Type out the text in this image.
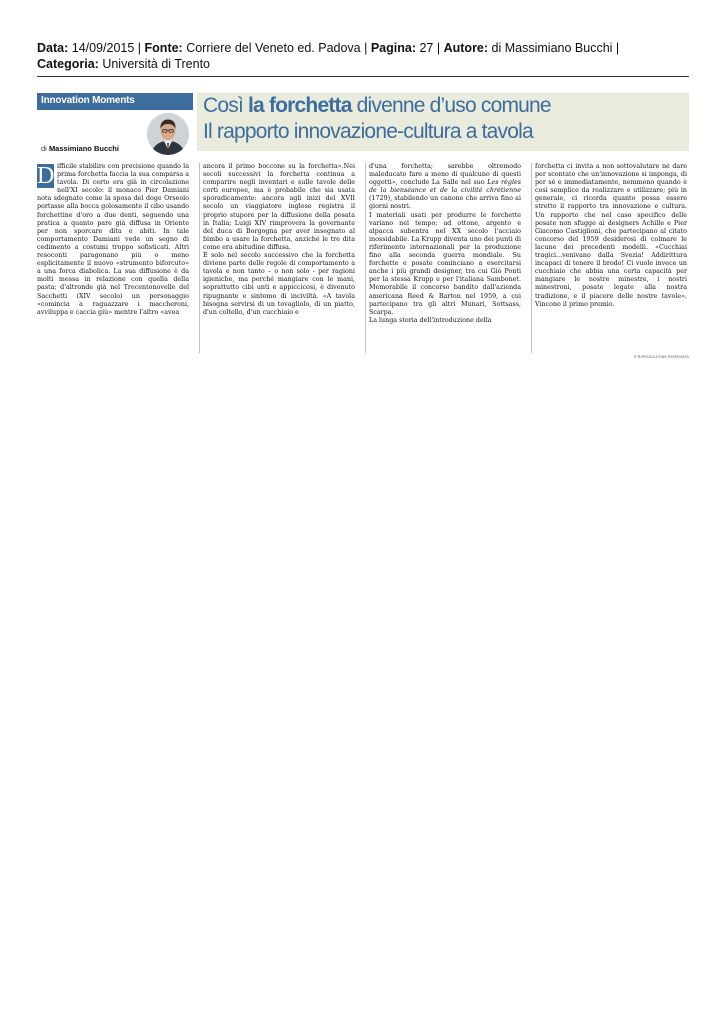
Data: 14/09/2015 | Fonte: Corriere del Veneto ed. Padova | Pagina: 27 | Autore: di Massimiano Bucchi |
Categoria: Università di Trento
Innovation Moments
di Massimiano Bucchi
Così la forchetta divenne d’uso comune
Il rapporto innovazione-cultura a tavola
D ifficile stabilire con precisione quando la prima forchetta faccia la sua comparsa a tavola. Di certo era già in circolazione nell'XI secolo: il monaco Pier Damiani nota sdegnato come la sposa del doge Orseolo portasse alla bocca golosamente il cibo usando forchettine d'oro a due denti, seguendo una pratica a quanto pare già diffusa in Oriente per non sporcare dita e abiti. In tale comportamento Damiani vede un segno di cedimento a costumi troppo sofisticati. Altri resoconti paragonano più o meno esplicitamente il nuovo «strumento biforcuto» a una forca diabolica. La sua diffusione è da molti messa in relazione con quella della pasta; d'altronde già nel Trecentonovelle del Sacchetti (XIV secolo) un personaggio «comincia a raguazzare i maccheroni, avviluppa e caccia giù» mentre l'altro «avea

ancora il primo boccone su la forchetta».Nei secoli successivi la forchetta continua a comparire negli inventari e sulle tavole delle corti europee, ma è probabile che sia usata sporadicamente: ancora agli inizi del XVII secolo un viaggiatore inglese registra il proprio stupore per la diffusione della posata in Italia; Luigi XIV rimprovera la governante del duca di Borgogna per aver insegnato al bimbo a usare la forchetta, anziché le tre dita come era abitudine diffusa.

È solo nel secolo successivo che la forchetta diviene parte delle regole di comportamento a tavola e non tanto – o non solo - per ragioni igieniche, ma perché mangiare con le mani, soprattutto cibi unti e appiccicosi, è divenuto ripugnante e sintomo di inciviltà. «A tavola bisogna servirsi di un tovagliolo, di un piatto, d'un coltello, d'un cucchiaio e

d'una forchetta; sarebbe oltremodo maleducato fare a meno di qualcuno di questi oggetti», conclude La Salle nel suo Les règles de la bienséance et de la civilité chrétienne (1729), stabilendo un canone che arriva fino ai giorni nostri.

I materiali usati per produrre le forchette variano nel tempo; ad ottone, argento e alpacca subentra nel XX secolo l'acciaio inossidabile. La Krupp diventa uno dei punti di riferimento internazionali per la produzione fino alla seconda guerra mondiale. Su forchette e posate cominciano a esercitarsi anche i più grandi designer, tra cui Giò Ponti per la stessa Krupp e per l'italiana Sambonet. Memorabile il concorso bandito dall'azienda americana Reed & Barton nel 1959, a cui partecipano tra gli altri Munari, Sottsass, Scarpa.

La lunga storia dell'introduzione della

forchetta ci invita a non sottovalutare né dare per scontato che un'innovazione si imponga, di per sé e immediatamente, nemmeno quando è così semplice da realizzare e utilizzare; più in generale, ci ricorda quanto possa essere stretto il rapporto tra innovazione e cultura. Un rapporto che nel caso specifico delle posate non sfugge ai designers Achille e Pier Giacomo Castiglioni, che partecipano al citato concorso del 1959 desiderosi di colmare le lacune dei precedenti modelli. «Cucchiai tragici...venivano dalla Svezia! Addirittura incapaci di tenere il brodo! Ci vuole invece un cucchiaio che abbia una certa capacità per mangiare le nostre minestre, i nostri minestroni, posate legate alla nostra tradizione, e il piacere delle nostre tavole». Vincono il primo premio.

© RIPRODUZIONE RISERVATA
